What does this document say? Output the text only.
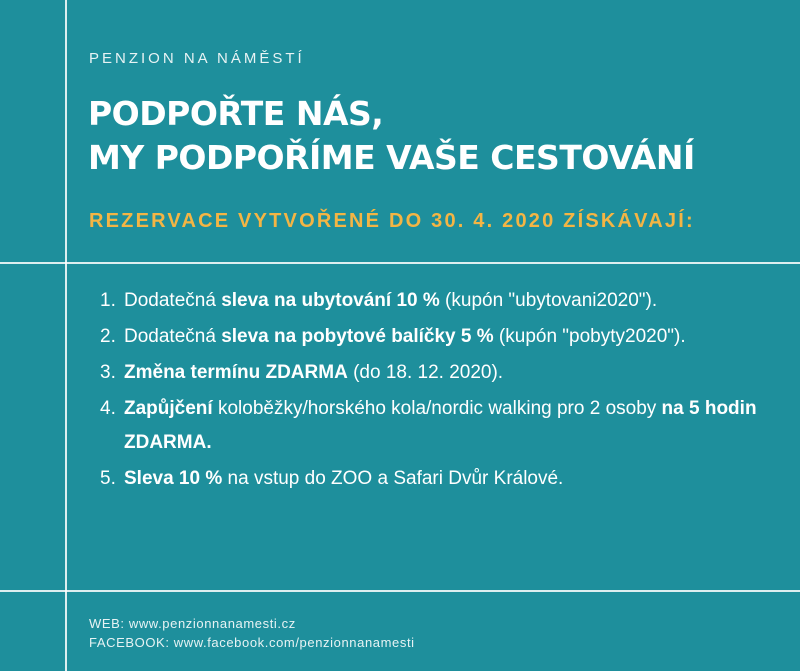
PENZION NA NÁMĚSTÍ
PODPOŘTE NÁS,
MY PODPOŘÍME VAŠE CESTOVÁNÍ
REZERVACE VYTVOŘENÉ DO 30. 4. 2020 ZÍSKÁVAJÍ:
1. Dodatečná sleva na ubytování 10 % (kupón "ubytovani2020").
2. Dodatečná sleva na pobytové balíčky 5 % (kupón "pobyty2020").
3. Změna termínu ZDARMA (do 18. 12. 2020).
4. Zapůjčení koloběžky/horského kola/nordic walking pro 2 osoby na 5 hodin ZDARMA.
5. Sleva 10 % na vstup do ZOO a Safari Dvůr Králové.
WEB: www.penzionnanamesti.cz
FACEBOOK: www.facebook.com/penzionnanamesti
